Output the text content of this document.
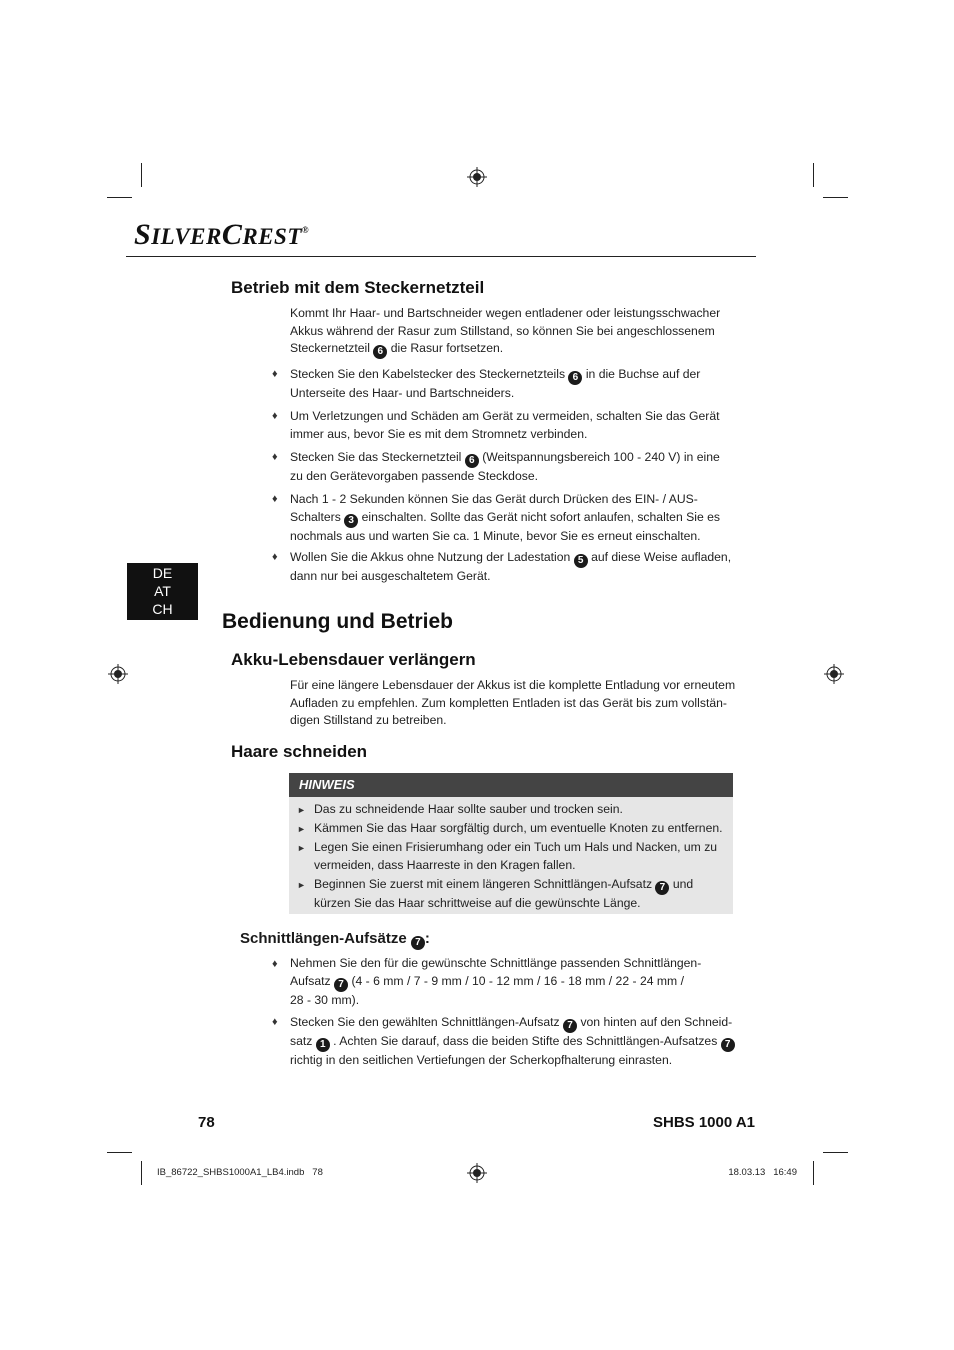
SILVERCREST®
Betrieb mit dem Steckernetzteil
Kommt Ihr Haar- und Bartschneider wegen entladener oder leistungsschwacher
Akkus während der Rasur zum Stillstand, so können Sie bei angeschlossenem
Steckernetzteil 6 die Rasur fortsetzen.
♦ Stecken Sie den Kabelstecker des Steckernetzteils 6 in die Buchse auf der
Unterseite des Haar- und Bartschneiders.
♦ Um Verletzungen und Schäden am Gerät zu vermeiden, schalten Sie das Gerät
immer aus, bevor Sie es mit dem Stromnetz verbinden.
♦ Stecken Sie das Steckernetzteil 6 (Weitspannungsbereich 100 - 240 V) in eine
zu den Gerätevorgaben passende Steckdose.
♦ Nach 1 - 2 Sekunden können Sie das Gerät durch Drücken des EIN- / AUS-
Schalters 3 einschalten. Sollte das Gerät nicht sofort anlaufen, schalten Sie es
nochmals aus und warten Sie ca. 1 Minute, bevor Sie es erneut einschalten.
♦ Wollen Sie die Akkus ohne Nutzung der Ladestation 5 auf diese Weise aufladen,
dann nur bei ausgeschaltetem Gerät.
DE
AT
CH
Bedienung und Betrieb
Akku-Lebensdauer verlängern
Für eine längere Lebensdauer der Akkus ist die komplette Entladung vor erneutem
Aufladen zu empfehlen. Zum kompletten Entladen ist das Gerät bis zum vollstän-
digen Stillstand zu betreiben.
Haare schneiden
HINWEIS
► Das zu schneidende Haar sollte sauber und trocken sein.
► Kämmen Sie das Haar sorgfältig durch, um eventuelle Knoten zu entfernen.
► Legen Sie einen Frisierumhang oder ein Tuch um Hals und Nacken, um zu
vermeiden, dass Haarreste in den Kragen fallen.
► Beginnen Sie zuerst mit einem längeren Schnittlängen-Aufsatz 7 und
kürzen Sie das Haar schrittweise auf die gewünschte Länge.
Schnittlängen-Aufsätze 7 :
♦ Nehmen Sie den für die gewünschte Schnittlänge passenden Schnittlängen-
Aufsatz 7 (4 - 6 mm / 7 - 9 mm / 10 - 12 mm / 16 - 18 mm / 22 - 24 mm /
28 - 30 mm).
♦ Stecken Sie den gewählten Schnittlängen-Aufsatz 7 von hinten auf den Schneid-
satz 1 . Achten Sie darauf, dass die beiden Stifte des Schnittlängen-Aufsatzes 7
richtig in den seitlichen Vertiefungen der Scherkopfhalterung einrasten.
78	SHBS 1000 A1
IB_86722_SHBS1000A1_LB4.indb   78	18.03.13   16:49
